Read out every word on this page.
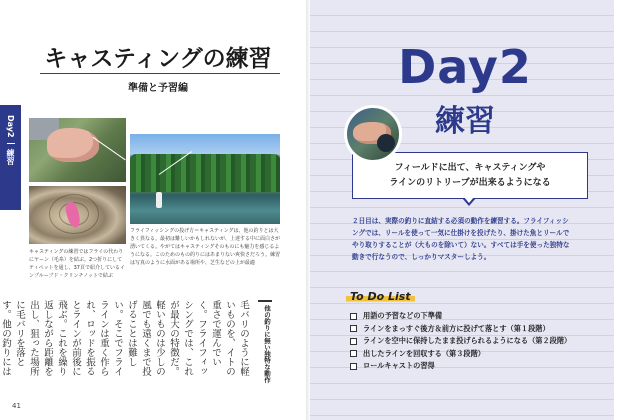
キャスティングの練習
準備と予習編
Day2
練習
キャスティングの練習ではフライの代わりにヤーン（毛糸）を結ぶ。2つ折りにしてティペットを通し、37頁で紹介しているインプルーブド・クリンチノットで結ぶ
フライフィッシングの投げ方＝キャスティングは、他の釣りとは大きく異なる。最初は難しいかもしれないが、上達する中に面白さが湧いてくる。やがてはキャスティングそのものにも魅力を感じるようになる。このためのもの的りにはあまりない爽快さだろう。練習は写真のように水面がある場所や、芝生などの上が最適
他の釣りに無い独特な動作
毛バリのように軽いものを、イトの重さで運んでいく。フライフィッシングでは、これが最大の特徴だ。軽いものは少しの風でも遠くまで投げることは難しい。そこでフライラインは重く作られ、ロッドを振るとラインが前後に飛ぶ。これを繰り返しながら距離を出し、狙った場所に毛バリを落とす。他の釣りには
41
Day2
練習
フィールドに出て、キャスティングや
ラインのリトリーブが出来るようになる
２日目は、実際の釣りに直結する必須の動作を練習する。フライフィッシ
ングでは、リールを使って一気に仕掛けを投げたり、掛けた魚とリールで
やり取りすることが（大ものを除いて）ない。すべては手を使った独特な
動きで行なうので、しっかりマスターしよう。
To Do List
用語の予習などの下準備
ラインをまっすぐ後方＆前方に投げて落とす（第１段階）
ラインを空中に保持したまま投げられるようになる（第２段階）
出したラインを回収する（第３段階）
ロールキャストの習得
